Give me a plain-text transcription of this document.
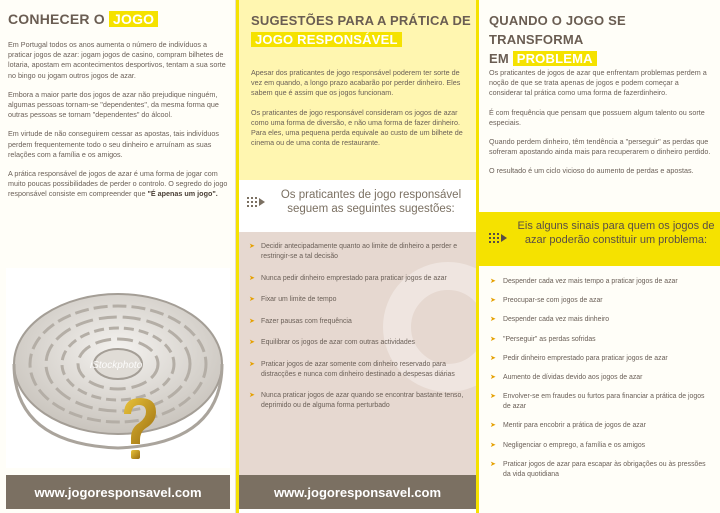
CONHECER O JOGO

Em Portugal todos os anos aumenta o número de indivíduos a praticar jogos de azar: jogam jogos de casino, compram bilhetes de lotaria, apostam em acontecimentos desportivos, tentam a sua sorte no bingo ou jogam outros jogos de azar.

Embora a maior parte dos jogos de azar não prejudique ninguém, algumas pessoas tornam-se "dependentes", da mesma forma que outras pessoas se tornam "dependentes" do álcool.

Em virtude de não conseguirem cessar as apostas, tais indivíduos perdem frequentemente todo o seu dinheiro e arruínam as suas relações com a família e os amigos.

A prática responsável de jogos de azar é uma forma de jogar com muito poucas possibilidades de perder o controlo. O segredo do jogo responsável consiste em compreender que "É apenas um jogo".

iStockphoto
www.jogoresponsavel.com
SUGESTÕES PARA A PRÁTICA DE
JOGO RESPONSÁVEL

Apesar dos praticantes de jogo responsável poderem ter sorte de vez em quando, a longo prazo acabarão por perder dinheiro. Eles sabem que é assim que os jogos funcionam.

Os praticantes de jogo responsável consideram os jogos de azar como uma forma de diversão, e não uma forma de fazer dinheiro. Para eles, uma pequena perda equivale ao custo de um bilhete de cinema ou de uma conta de restaurante.

Os praticantes de jogo responsável seguem as seguintes sugestões:
➤ Decidir antecipadamente quanto ao limite de dinheiro a perder e restringir-se a tal decisão
➤ Nunca pedir dinheiro emprestado para praticar jogos de azar
➤ Fixar um limite de tempo
➤ Fazer pausas com frequência
➤ Equilibrar os jogos de azar com outras actividades
➤ Praticar jogos de azar somente com dinheiro reservado para distracções e nunca com dinheiro destinado a despesas diárias
➤ Nunca praticar jogos de azar quando se encontrar bastante tenso, deprimido ou de alguma forma perturbado
www.jogoresponsavel.com
QUANDO O JOGO SE TRANSFORMA
EM PROBLEMA

Os praticantes de jogos de azar que enfrentam problemas perdem a noção de que se trata apenas de jogos e podem começar a considerar tal prática como uma forma de fazerdinheiro.

É com frequência que pensam que possuem algum talento ou sorte especiais.

Quando perdem dinheiro, têm tendência a "perseguir" as perdas que sofreram apostando ainda mais para recuperarem o dinheiro perdido.

O resultado é um ciclo vicioso do aumento de perdas e apostas.

Eis alguns sinais para quem os jogos de azar poderão constituir um problema:
➤ Despender cada vez mais tempo a praticar jogos de azar
➤ Preocupar-se com jogos de azar
➤ Despender cada vez mais dinheiro
➤ "Perseguir" as perdas sofridas
➤ Pedir dinheiro emprestado para praticar jogos de azar
➤ Aumento de dívidas devido aos jogos de azar
➤ Envolver-se em fraudes ou furtos para financiar a prática de jogos de azar
➤ Mentir para encobrir a prática de jogos de azar
➤ Negligenciar o emprego, a família e os amigos
➤ Praticar jogos de azar para escapar às obrigações ou às pressões da vida quotidiana
